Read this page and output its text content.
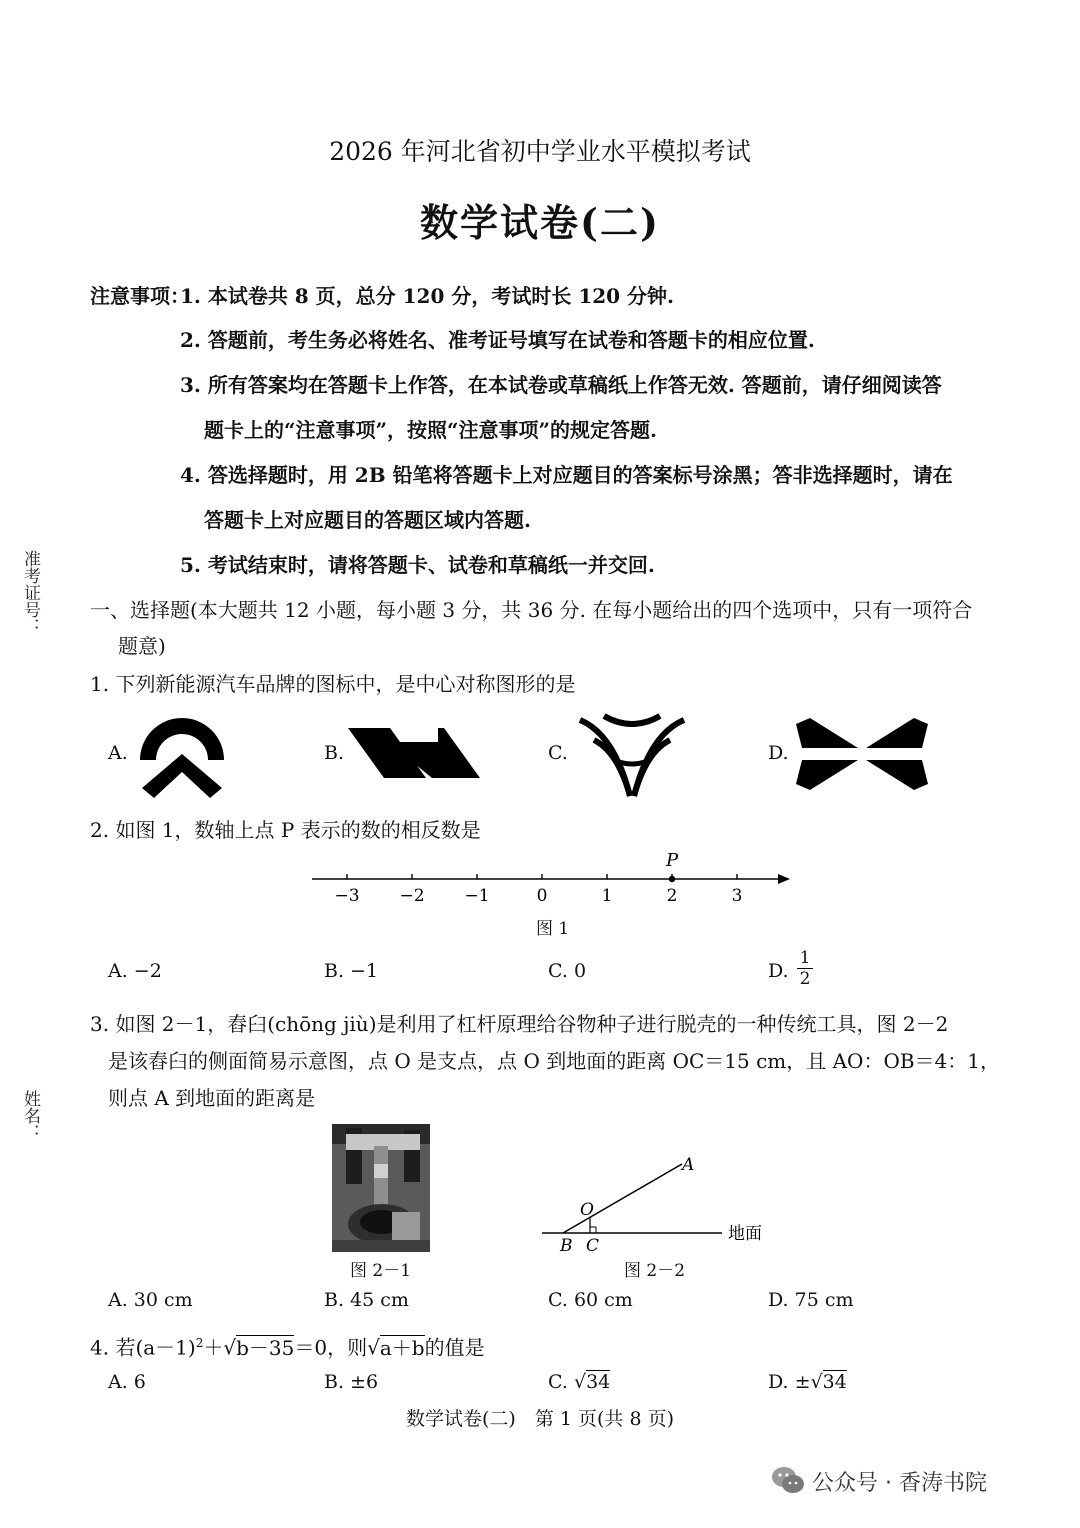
2026 年河北省初中学业水平模拟考试
数学试卷(二)
注意事项：
1. 本试卷共 8 页，总分 120 分，考试时长 120 分钟.
2. 答题前，考生务必将姓名、准考证号填写在试卷和答题卡的相应位置.
3. 所有答案均在答题卡上作答，在本试卷或草稿纸上作答无效. 答题前，请仔细阅读答
题卡上的“注意事项”，按照“注意事项”的规定答题.
4. 答选择题时，用 2B 铅笔将答题卡上对应题目的答案标号涂黑；答非选择题时，请在
答题卡上对应题目的答题区域内答题.
5. 考试结束时，请将答题卡、试卷和草稿纸一并交回.
准考证号：
姓名：
一、选择题(本大题共 12 小题，每小题 3 分，共 36 分. 在每小题给出的四个选项中，只有一项符合
题意)
1. 下列新能源汽车品牌的图标中，是中心对称图形的是
A.	B.	C.	D.
2. 如图 1，数轴上点 P 表示的数的相反数是
P
−3 −2 −1	0	1	2	3
图 1
A. −2	B. −1	C. 0	D. $\frac{1}{2}$
3. 如图 2－1，舂臼(chōng jiù)是利用了杠杆原理给谷物种子进行脱壳的一种传统工具，图 2－2
是该舂臼的侧面简易示意图，点 O 是支点，点 O 到地面的距离 OC＝15 cm，且 AO：OB＝4：1，
则点 A 到地面的距离是
图 2－1
A
O
B C
地面
图 2－2
A. 30 cm	B. 45 cm	C. 60 cm	D. 75 cm
4. 若$(a-1)^2+√b-35=0$，则√a＋b的值是
A. 6	B. ±6	C. √34	D. ±√34
数学试卷(二)　第 1 页(共 8 页)
公众号 · 香涛书院
